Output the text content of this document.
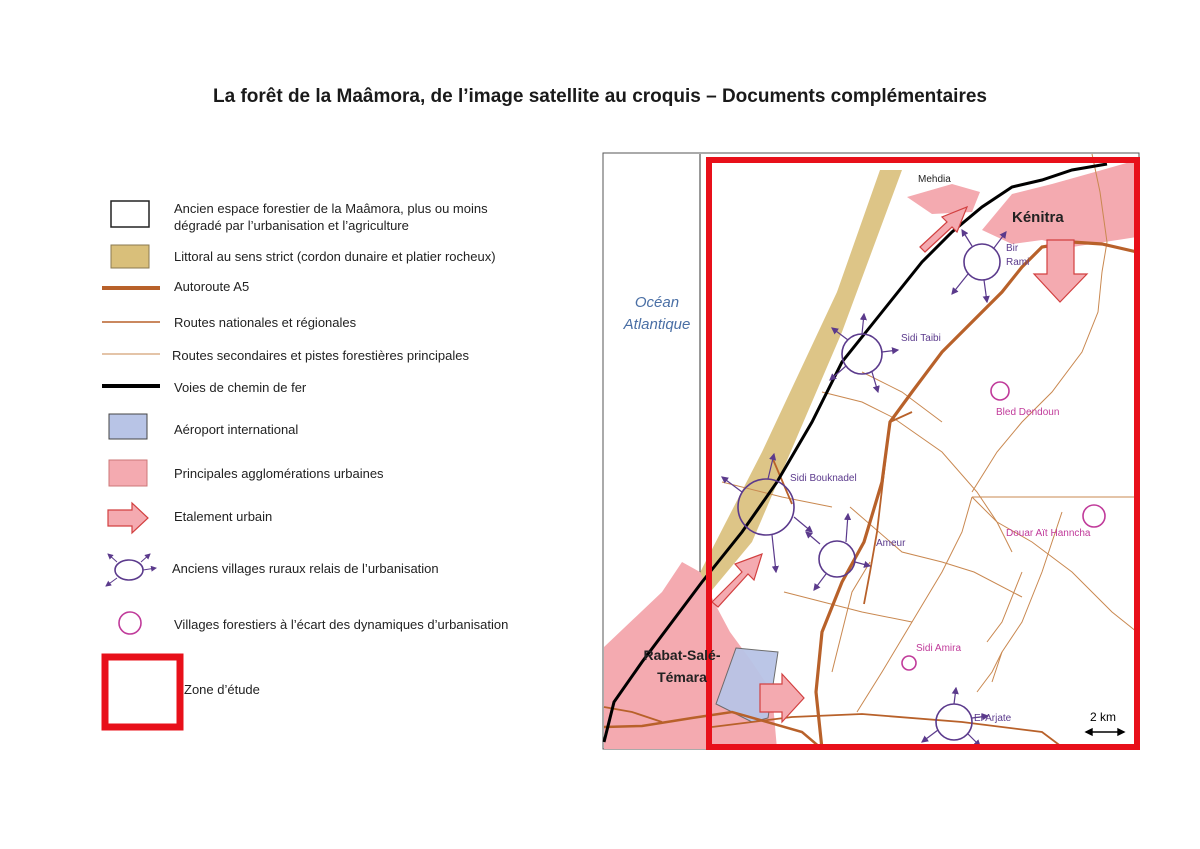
La forêt de la Maâmora, de l’image satellite au croquis – Documents complémentaires
Ancien espace forestier de la Maâmora, plus ou moins dégradé par l’urbanisation et l’agriculture
Littoral au sens strict (cordon dunaire et platier rocheux)
Autoroute A5
Routes nationales et régionales
Routes secondaires et pistes forestières principales
Voies de chemin de fer
Aéroport international
Principales agglomérations urbaines
Etalement urbain
Anciens villages ruraux relais de l’urbanisation
Villages forestiers à l’écart des dynamiques d’urbanisation
Zone d’étude
Océan Atlantique
Mehdia
Kénitra
Bir Rami
Sidi Taibi
Bled Dendoun
Sidi Bouknadel
Ameur
Douar Aït Hanncha
Sidi Amira
El Arjate
Rabat-Salé-Témara
2 km
